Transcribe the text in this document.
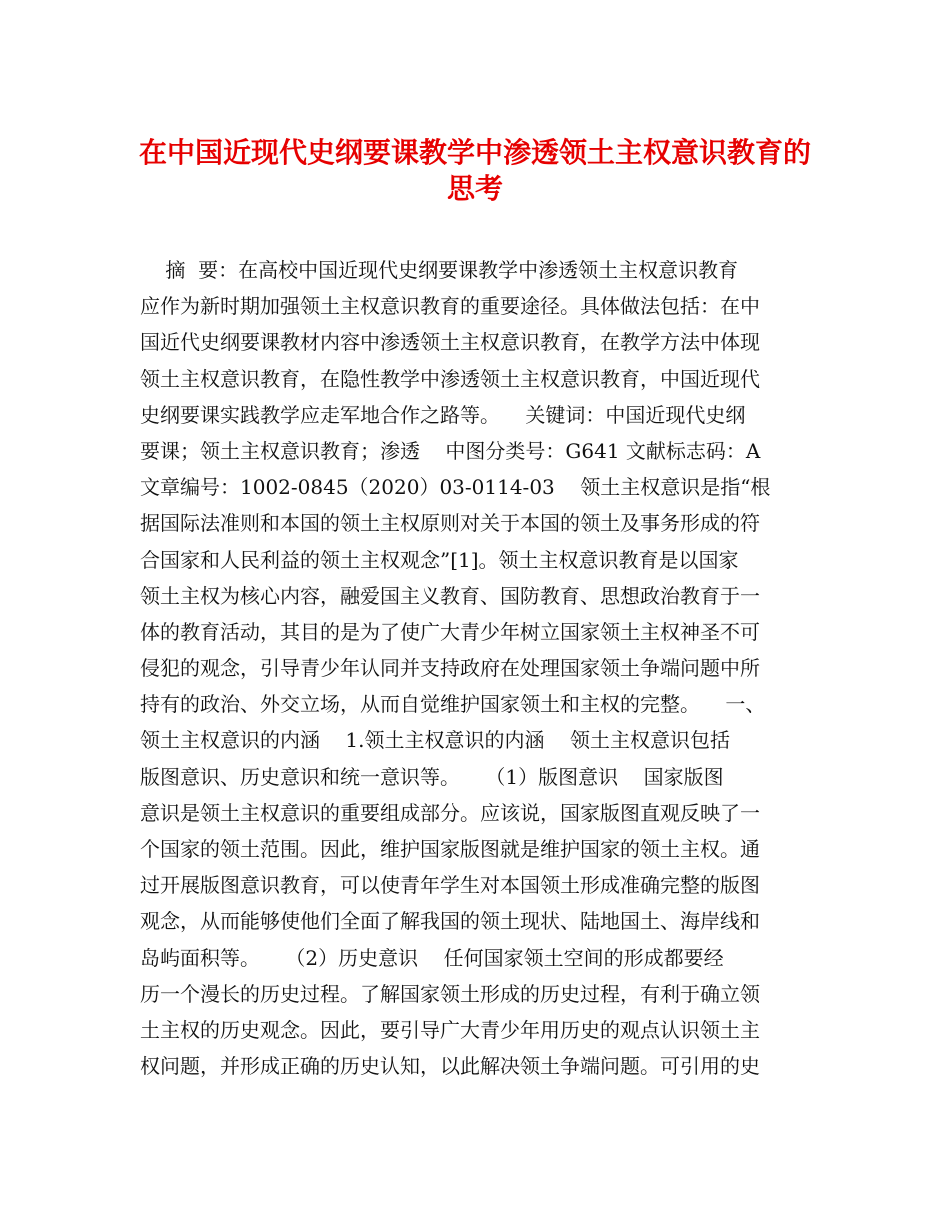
在中国近现代史纲要课教学中渗透领土主权意识教育的
思考
摘  要：在高校中国近现代史纲要课教学中渗透领土主权意识教育
应作为新时期加强领土主权意识教育的重要途径。具体做法包括：在中
国近代史纲要课教材内容中渗透领土主权意识教育，在教学方法中体现
领土主权意识教育，在隐性教学中渗透领土主权意识教育，中国近现代
史纲要课实践教学应走军地合作之路等。    关键词：中国近现代史纲
要课；领土主权意识教育；渗透    中图分类号：G641 文献标志码：A
文章编号：1002-0845（2020）03-0114-03    领土主权意识是指“根
据国际法准则和本国的领土主权原则对关于本国的领土及事务形成的符
合国家和人民利益的领土主权观念”[1]。领土主权意识教育是以国家
领土主权为核心内容，融爱国主义教育、国防教育、思想政治教育于一
体的教育活动，其目的是为了使广大青少年树立国家领土主权神圣不可
侵犯的观念，引导青少年认同并支持政府在处理国家领土争端问题中所
持有的政治、外交立场，从而自觉维护国家领土和主权的完整。    一、
领土主权意识的内涵    1.领土主权意识的内涵    领土主权意识包括
版图意识、历史意识和统一意识等。    （1）版图意识    国家版图
意识是领土主权意识的重要组成部分。应该说，国家版图直观反映了一
个国家的领土范围。因此，维护国家版图就是维护国家的领土主权。通
过开展版图意识教育，可以使青年学生对本国领土形成准确完整的版图
观念，从而能够使他们全面了解我国的领土现状、陆地国土、海岸线和
岛屿面积等。    （2）历史意识    任何国家领土空间的形成都要经
历一个漫长的历史过程。了解国家领土形成的历史过程，有利于确立领
土主权的历史观念。因此，要引导广大青少年用历史的观点认识领土主
权问题，并形成正确的历史认知，以此解决领土争端问题。可引用的史
